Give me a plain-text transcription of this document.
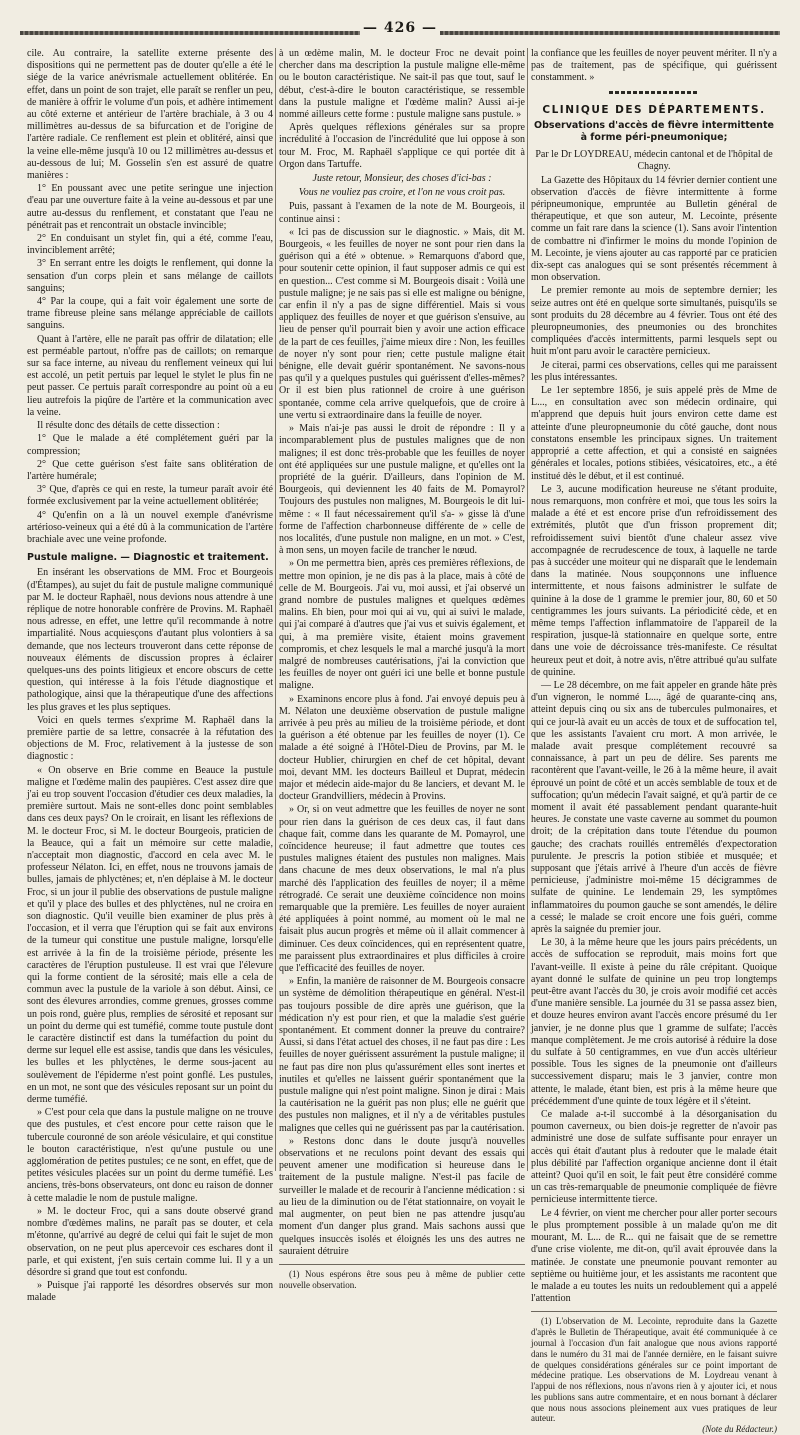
— 426 —

cile. Au contraire, la satellite externe présente des dispositions qui ne permettent pas de douter qu'elle a été le siége de la varice anévrismale actuellement oblitérée. En effet, dans un point de son trajet, elle paraît se renfler un peu, de manière à offrir le volume d'un pois, et adhère intimement au côté externe et antérieur de l'artère brachiale, à 3 ou 4 millimètres au-dessus de sa bifurcation et de l'origine de l'artère radiale. Ce renflement est plein et oblitéré, ainsi que la veine elle-même jusqu'à 10 ou 12 millimètres au-dessus et au-dessous de lui; M. Gosselin s'en est assuré de quatre manières :

1° En poussant avec une petite seringue une injection d'eau par une ouverture faite à la veine au-dessous et par une autre au-dessus du renflement, et constatant que l'eau ne pénétrait pas et rencontrait un obstacle invincible;

2° En conduisant un stylet fin, qui a été, comme l'eau, invinciblement arrêté;

3° En serrant entre les doigts le renflement, qui donne la sensation d'un corps plein et sans mélange de caillots sanguins;

4° Par la coupe, qui a fait voir également une sorte de trame fibreuse pleine sans mélange appréciable de caillots sanguins.

Quant à l'artère, elle ne paraît pas offrir de dilatation; elle est perméable partout, n'offre pas de caillots; on remarque sur sa face interne, au niveau du renflement veineux qui lui est accolé, un petit pertuis par lequel le stylet le plus fin ne peut passer. Ce pertuis paraît correspondre au point où a eu lieu autrefois la piqûre de l'artère et la communication avec la veine.

Il résulte donc des détails de cette dissection :

1° Que le malade a été complétement guéri par la compression;

2° Que cette guérison s'est faite sans oblitération de l'artère humérale;

3° Que, d'après ce qui en reste, la tumeur paraît avoir été formée exclusivement par la veine actuellement oblitérée;

4° Qu'enfin on a là un nouvel exemple d'anévrisme artérioso-veineux qui a été dû à la communication de l'artère brachiale avec une veine profonde.

Pustule maligne. — Diagnostic et traitement.

En insérant les observations de MM. Froc et Bourgeois (d'Étampes), au sujet du fait de pustule maligne communiqué par M. le docteur Raphaël, nous devions nous attendre à une réplique de notre honorable confrère de Provins. M. Raphaël nous adresse, en effet, une lettre qu'il recommande à notre impartialité. Nous acquiesçons d'autant plus volontiers à sa demande, que nos lecteurs trouveront dans cette réponse de nouveaux éléments de discussion propres à éclairer quelques-uns des points litigieux et encore obscurs de cette question, qui intéresse à la fois l'étude diagnostique et pathologique, ainsi que la thérapeutique d'une des affections les plus graves et les plus septiques.

Voici en quels termes s'exprime M. Raphaël dans la première partie de sa lettre, consacrée à la réfutation des objections de M. Froc, relativement à la justesse de son diagnostic :

« On observe en Brie comme en Beauce la pustule maligne et l'œdème malin des paupières. C'est assez dire que j'ai eu trop souvent l'occasion d'étudier ces deux maladies, la première surtout. Mais ne sont-elles donc point semblables dans ces deux pays? On le croirait, en lisant les réflexions de M. le docteur Froc, si M. le docteur Bourgeois, praticien de la Beauce, qui a fait un mémoire sur cette maladie, n'acceptait mon diagnostic, d'accord en cela avec M. le professeur Nélaton. Ici, en effet, nous ne trouvons jamais de bulles, jamais de phlyctènes; et, n'en déplaise à M. le docteur Froc, si un jour il publie des observations de pustule maligne et qu'il y place des bulles et des phlyctènes, nul ne croira en son diagnostic. Qu'il veuille bien examiner de plus près à l'occasion, et il verra que l'éruption qui se fait aux environs de la tumeur qui constitue une pustule maligne, lorsqu'elle est arrivée à la fin de la troisième période, présente les caractères de l'éruption pustuleuse. Il est vrai que l'élevure qui la forme contient de la sérosité; mais elle a cela de commun avec la pustule de la variole à son début. Ainsi, ce sont des élevures arrondies, comme grenues, grosses comme un pois rond, guère plus, remplies de sérosité et reposant sur un point du derme qui est tuméfié, comme toute pustule dont le caractère distinctif est dans la tuméfaction du point du derme sur lequel elle est assise, tandis que dans les vésicules, les bulles et les phlyctènes, le derme sous-jacent au soulèvement de l'épiderme n'est point gonflé. Les pustules, en un mot, ne sont que des vésicules reposant sur un point du derme tuméfié.

» C'est pour cela que dans la pustule maligne on ne trouve que des pustules, et c'est encore pour cette raison que le tubercule couronné de son aréole vésiculaire, et qui constitue le bouton caractéristique, n'est qu'une pustule ou une agglomération de petites pustules; ce ne sont, en effet, que de petites vésicules placées sur un point du derme tuméfié. Les anciens, très-bons observateurs, ont donc eu raison de donner à cette maladie le nom de pustule maligne.

» M. le docteur Froc, qui a sans doute observé grand nombre d'œdèmes malins, ne paraît pas se douter, et cela m'étonne, qu'arrivé au degré de celui qui fait le sujet de mon observation, on ne peut plus apercevoir ces eschares dont il parle, et qui existent, j'en suis certain comme lui. Il y a un désordre si grand que tout est confondu.

» Puisque j'ai rapporté les désordres observés sur mon malade

à un œdème malin, M. le docteur Froc ne devait point chercher dans ma description la pustule maligne elle-même ou le bouton caractéristique. Ne sait-il pas que tout, sauf le début, c'est-à-dire le bouton caractéristique, se ressemble dans la pustule maligne et l'œdème malin? Aussi ai-je nommé ailleurs cette forme : pustule maligne sans pustule. »

Après quelques réflexions générales sur sa propre incrédulité à l'occasion de l'incrédulité que lui oppose à son tour M. Froc, M. Raphaël s'applique ce qui portée dit à Orgon dans Tartuffe.

Juste retour, Monsieur, des choses d'ici-bas :

Vous ne vouliez pas croire, et l'on ne vous croit pas.

Puis, passant à l'examen de la note de M. Bourgeois, il continue ainsi :

« Ici pas de discussion sur le diagnostic. » Mais, dit M. Bourgeois, « les feuilles de noyer ne sont pour rien dans la guérison qui a été » obtenue. » Remarquons d'abord que, pour soutenir cette opinion, il faut supposer admis ce qui est en question... C'est comme si M. Bourgeois disait : Voilà une pustule maligne; je ne sais pas si elle est maligne ou bénigne, car enfin il n'y a pas de signe différentiel. Mais si vous appliquez des feuilles de noyer et que guérison s'ensuive, au lieu de penser qu'il pourrait bien y avoir une action efficace de la part de ces feuilles, j'aime mieux dire : Non, les feuilles de noyer n'y sont pour rien; cette pustule maligne était bénigne, elle devait guérir spontanément. Ne savons-nous pas qu'il y a quelques pustules qui guérissent d'elles-mêmes? Or il est bien plus rationnel de croire à une guérison spontanée, comme cela arrive quelquefois, que de croire à une vertu si extraordinaire dans la feuille de noyer.

» Mais n'ai-je pas aussi le droit de répondre : Il y a incomparablement plus de pustules malignes que de non malignes; il est donc très-probable que les feuilles de noyer ont été appliquées sur une pustule maligne, et qu'elles ont la propriété de la guérir. D'ailleurs, dans l'opinion de M. Bourgeois, qui deviennent les 40 faits de M. Pomayrol? Toujours des pustules non malignes, M. Bourgeois le dit lui-même : « Il faut nécessairement qu'il s'a- » gisse là d'une forme de l'affection charbonneuse différente de » celle de nos localités, d'une pustule non maligne, en un mot. » C'est, à mon sens, un moyen facile de trancher le nœud.

» On me permettra bien, après ces premières réflexions, de mettre mon opinion, je ne dis pas à la place, mais à côté de celle de M. Bourgeois. J'ai vu, moi aussi, et j'ai observé un grand nombre de pustules malignes et quelques œdèmes malins. Eh bien, pour moi qui ai vu, qui ai suivi le malade, qui j'ai comparé à d'autres que j'ai vus et suivis également, et qui, à ma première visite, étaient moins gravement compromis, et chez lesquels le mal a marché jusqu'à la mort malgré de nombreuses cautérisations, j'ai la conviction que les feuilles de noyer ont guéri ici une belle et bonne pustule maligne.

» Examinons encore plus à fond. J'ai envoyé depuis peu à M. Nélaton une deuxième observation de pustule maligne arrivée à peu près au milieu de la troisième période, et dont la guérison a été obtenue par les feuilles de noyer (1). Ce malade a été soigné à l'Hôtel-Dieu de Provins, par M. le docteur Hublier, chirurgien en chef de cet hôpital, devant moi, devant MM. les docteurs Bailleul et Duprat, médecin major et médecin aide-major du 8e lanciers, et devant M. le docteur Grandvilliers, médecin à Provins.

» Or, si on veut admettre que les feuilles de noyer ne sont pour rien dans la guérison de ces deux cas, il faut dans chaque fait, comme dans les quarante de M. Pomayrol, une coïncidence heureuse; il faut admettre que toutes ces pustules malignes étaient des pustules non malignes. Mais dans chacune de mes deux observations, le mal n'a plus marché dès l'application des feuilles de noyer; il a même rétrogradé. Ce serait une deuxième coïncidence non moins remarquable que la première. Les feuilles de noyer auraient été appliquées à point nommé, au moment où le mal ne faisait plus aucun progrès et même où il allait commencer à diminuer. Ces deux coïncidences, qui en représentent quatre, me paraissent plus extraordinaires et plus difficiles à croire que l'efficacité des feuilles de noyer.

» Enfin, la manière de raisonner de M. Bourgeois consacre un système de démolition thérapeutique en général. N'est-il pas toujours possible de dire après une guérison, que la médication n'y est pour rien, et que la maladie s'est guérie spontanément. Et comment donner la preuve du contraire? Aussi, si dans l'état actuel des choses, il ne faut pas dire : Les feuilles de noyer guérissent assurément la pustule maligne; il ne faut pas dire non plus qu'assurément elles sont inertes et inutiles et qu'elles ne laissent guérir spontanément que la pustule maligne qui n'est point maligne. Sinon je dirai : Mais la cautérisation ne la guérit pas non plus; elle ne guérit que des pustules non malignes, et il n'y a de véritables pustules malignes que celles qui ne guérissent pas par la cautérisation.

» Restons donc dans le doute jusqu'à nouvelles observations et ne reculons point devant des essais qui peuvent amener une modification si heureuse dans le traitement de la pustule maligne. N'est-il pas facile de surveiller le malade et de recourir à l'ancienne médication : si au lieu de la diminution ou de l'état stationnaire, on voyait le mal augmenter, on peut bien ne pas attendre jusqu'au moment d'un danger plus grand. Mais sachons aussi que quelques insuccès isolés et éloignés les uns des autres ne sauraient détruire

(1) Nous espérons être sous peu à même de publier cette nouvelle observation.

la confiance que les feuilles de noyer peuvent mériter. Il n'y a pas de traitement, pas de spécifique, qui guérissent constamment. »

CLINIQUE DES DÉPARTEMENTS.
Observations d'accès de fièvre intermittente à forme péri-pneumonique;

Par le Dr LOYDREAU, médecin cantonal et de l'hôpital de Chagny.

La Gazette des Hôpitaux du 14 février dernier contient une observation d'accès de fièvre intermittente à forme péripneumonique, empruntée au Bulletin général de thérapeutique, et que son auteur, M. Lecointe, présente comme un fait rare dans la science (1). Sans avoir l'intention de combattre ni d'infirmer le moins du monde l'opinion de M. Lecointe, je viens ajouter au cas rapporté par ce praticien dix-sept cas analogues qui se sont présentés récemment à mon observation.

Le premier remonte au mois de septembre dernier; les seize autres ont été en quelque sorte simultanés, puisqu'ils se sont produits du 28 décembre au 4 février. Tous ont été des pleuropneumonies, des pneumonies ou des bronchites compliquées d'accès intermittents, parmi lesquels sept ou huit m'ont paru avoir le caractère pernicieux.

Je citerai, parmi ces observations, celles qui me paraissent les plus intéressantes.

Le 1er septembre 1856, je suis appelé près de Mme de L..., en consultation avec son médecin ordinaire, qui m'apprend que depuis huit jours environ cette dame est atteinte d'une pleuropneumonie du côté gauche, dont nous constatons ensemble les principaux signes. Un traitement approprié a cette affection, et qui a consisté en saignées générales et locales, potions stibiées, vésicatoires, etc., a été institué dès le début, et il est continué.

Le 3, aucune modification heureuse ne s'étant produite, nous remarquons, mon confrère et moi, que tous les soirs la malade a été et est encore prise d'un refroidissement des extrémités, plutôt que d'un frisson proprement dit; refroidissement suivi bientôt d'une chaleur assez vive accompagnée de recrudescence de toux, à laquelle ne tarde pas à succéder une moiteur qui ne disparaît que le lendemain dans la matinée. Nous soupçonnons une influence intermittente, et nous faisons administrer le sulfate de quinine à la dose de 1 gramme le premier jour, 80, 60 et 50 centigrammes les jours suivants. La périodicité cède, et en même temps l'affection inflammatoire de l'appareil de la respiration, jusque-là stationnaire en quelque sorte, entre dans une voie de décroissance très-manifeste. Ce résultat heureux peut et doit, à notre avis, n'être attribué qu'au sulfate de quinine.

— Le 28 décembre, on me fait appeler en grande hâte près d'un vigneron, le nommé L..., âgé de quarante-cinq ans, atteint depuis cinq ou six ans de tubercules pulmonaires, et qui ce jour-là avait eu un accès de toux et de suffocation tel, que les assistants l'avaient cru mort. A mon arrivée, le malade avait presque complétement recouvré sa connaissance, à part un peu de délire. Ses parents me racontèrent que l'avant-veille, le 26 à la même heure, il avait éprouvé un point de côté et un accès semblable de toux et de suffocation; qu'un médecin l'avait saigné, et qu'à partir de ce moment il avait été passablement pendant quarante-huit heures. Je constate une vaste caverne au sommet du poumon droit; de la crépitation dans toute l'étendue du poumon gauche; des crachats rouillés entremêlés d'expectoration purulente. Je prescris la potion stibiée et musquée; et supposant que j'étais arrivé à l'heure d'un accès de fièvre pernicieuse, j'administre moi-même 15 décigrammes de sulfate de quinine. Le lendemain 29, les symptômes inflammatoires du poumon gauche se sont amendés, le délire a cessé; le malade se croit encore une fois guéri, comme après la saignée du premier jour.

Le 30, à la même heure que les jours pairs précédents, un accès de suffocation se reproduit, mais moins fort que l'avant-veille. Il existe à peine du râle crépitant. Quoique ayant donné le sulfate de quinine un peu trop longtemps peut-être avant l'accès du 30, je crois avoir modifié cet accès d'une manière sensible. La journée du 31 se passa assez bien, et douze heures environ avant l'accès encore présumé du 1er janvier, je ne donne plus que 1 gramme de sulfate; l'accès manque complètement. Je me crois autorisé à réduire la dose du sulfate à 50 centigrammes, en vue d'un accès ultérieur possible. Tous les signes de la pneumonie ont d'ailleurs successivement disparu; mais le 3 janvier, contre mon attente, le malade, étant bien, est pris à la même heure que précédemment d'une quinte de toux légère et il s'éteint.

Ce malade a-t-il succombé à la désorganisation du poumon caverneux, ou bien dois-je regretter de n'avoir pas administré une dose de sulfate suffisante pour enrayer un accès qui était d'autant plus à redouter que le malade était plus débilité par l'affection organique ancienne dont il était atteint? Quoi qu'il en soit, le fait peut être considéré comme un cas très-remarquable de pneumonie compliquée de fièvre pernicieuse intermittente tierce.

Le 4 février, on vient me chercher pour aller porter secours le plus promptement possible à un malade qu'on me dit mourant, M. L... de R... qui ne faisait que de se remettre d'une crise violente, me dit-on, qu'il avait éprouvée dans la matinée. Je constate une pneumonie pouvant remonter au septième ou huitième jour, et les assistants me racontent que le malade a eu toutes les nuits un redoublement qui a appelé l'attention

(1) L'observation de M. Lecointe, reproduite dans la Gazette d'après le Bulletin de Thérapeutique, avait été communiquée à ce journal à l'occasion d'un fait analogue que nous avions rapporté dans le numéro du 31 mai de l'année dernière, en le faisant suivre de quelques considérations générales sur ce point important de médecine pratique. Les observations de M. Loydreau venant à l'appui de nos réflexions, nous n'avons rien à y ajouter ici, et nous les publions sans autre commentaire, et en nous bornant à déclarer que nous nous associons pleinement aux vues pratiques de leur auteur.

(Note du Rédacteur.)
